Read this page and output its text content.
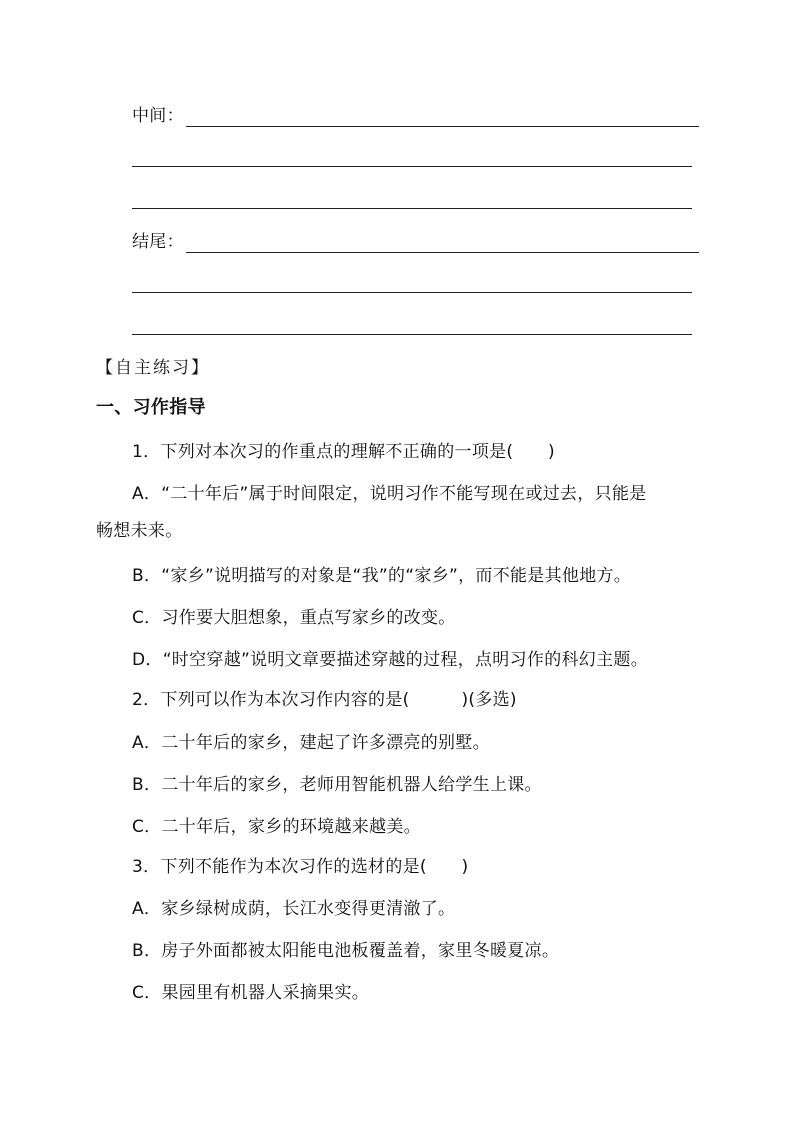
中间：
结尾：
【自主练习】
一、习作指导
1．下列对本次习的作重点的理解不正确的一项是(　　)
A．“二十年后”属于时间限定，说明习作不能写现在或过去，只能是
畅想未来。
B．“家乡”说明描写的对象是“我”的“家乡”，而不能是其他地方。
C．习作要大胆想象，重点写家乡的改变。
D．“时空穿越”说明文章要描述穿越的过程，点明习作的科幻主题。
2．下列可以作为本次习作内容的是(　　　)(多选)
A．二十年后的家乡，建起了许多漂亮的别墅。
B．二十年后的家乡，老师用智能机器人给学生上课。
C．二十年后，家乡的环境越来越美。
3．下列不能作为本次习作的选材的是(　　)
A．家乡绿树成荫，长江水变得更清澈了。
B．房子外面都被太阳能电池板覆盖着，家里冬暖夏凉。
C．果园里有机器人采摘果实。
